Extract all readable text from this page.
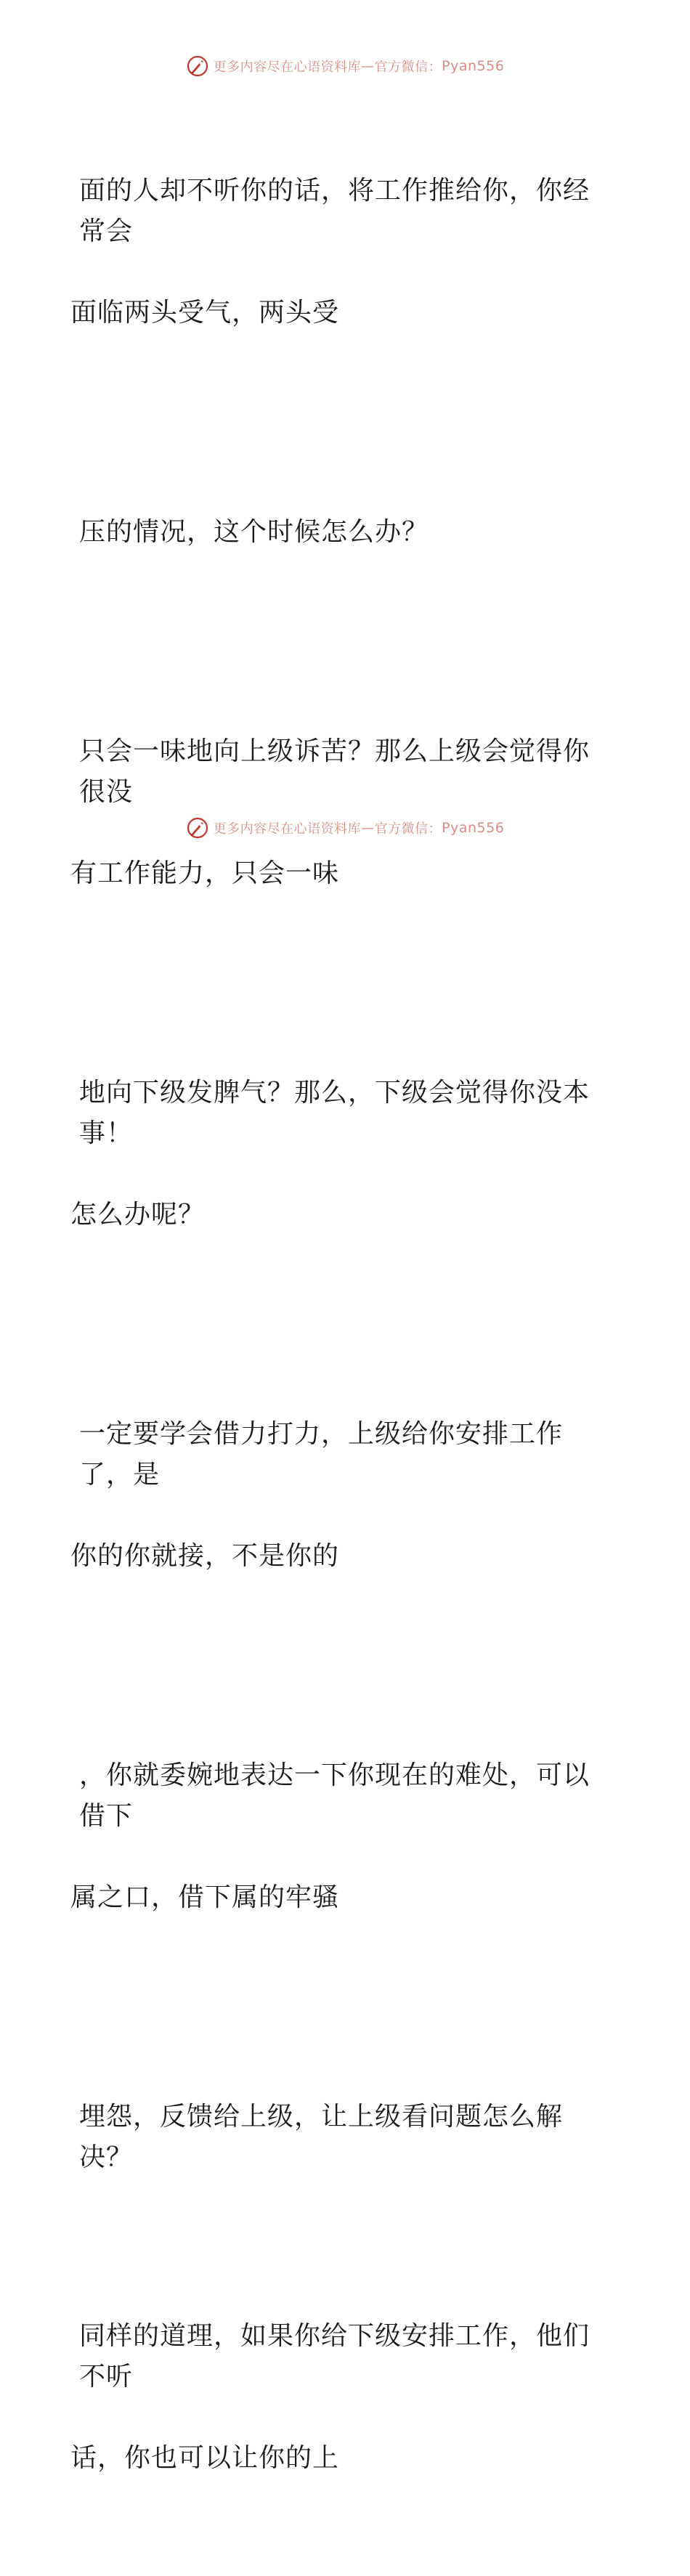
更多内容尽在心语资料库 — 官方微信： Pyan556

面的人却不听你的话，将工作推给你，你经常会

面临两头受气，两头受

压的情况，这个时候怎么办？

只会一味地向上级诉苦？那么上级会觉得你很没

有工作能力，只会一味

地向下级发脾气？那么，下级会觉得你没本事！

怎么办呢？

一定要学会借力打力，上级给你安排工作了，是

你的你就接，不是你的

，你就委婉地表达一下你现在的难处，可以借下

属之口，借下属的牢骚

埋怨，反馈给上级，让上级看问题怎么解决？

同样的道理，如果你给下级安排工作，他们不听

话，你也可以让你的上

更多内容尽在心语资料库 — 官方微信： Pyan556
